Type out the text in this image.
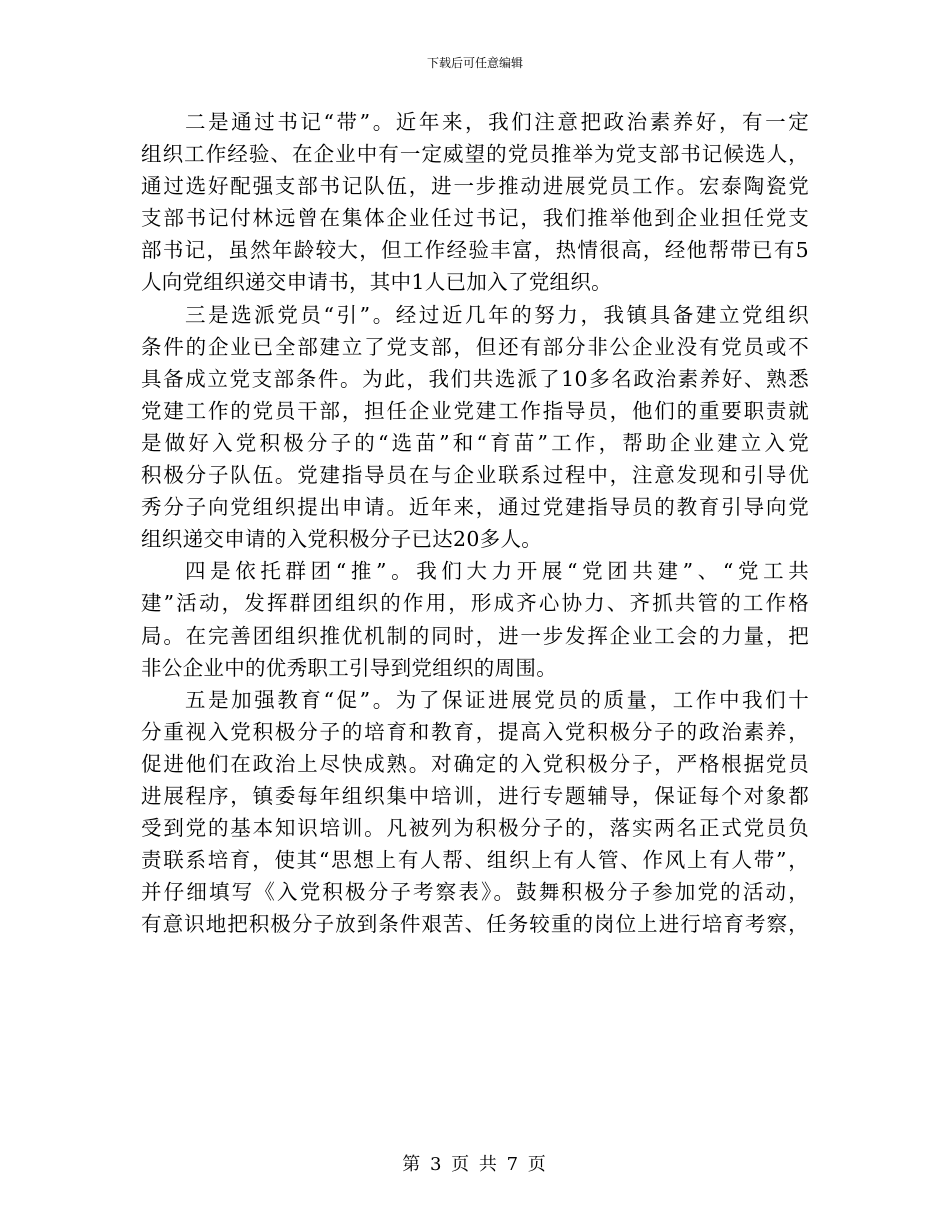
下载后可任意编辑

二是通过书记“带”。近年来，我们注意把政治素养好，有一定
组织工作经验、在企业中有一定威望的党员推举为党支部书记候选人，
通过选好配强支部书记队伍，进一步推动进展党员工作。宏泰陶瓷党
支部书记付林远曾在集体企业任过书记，我们推举他到企业担任党支
部书记，虽然年龄较大，但工作经验丰富，热情很高，经他帮带已有5
人向党组织递交申请书，其中1人已加入了党组织。

三是选派党员“引”。经过近几年的努力，我镇具备建立党组织
条件的企业已全部建立了党支部，但还有部分非公企业没有党员或不
具备成立党支部条件。为此，我们共选派了10多名政治素养好、熟悉
党建工作的党员干部，担任企业党建工作指导员，他们的重要职责就
是做好入党积极分子的“选苗”和“育苗”工作，帮助企业建立入党
积极分子队伍。党建指导员在与企业联系过程中，注意发现和引导优
秀分子向党组织提出申请。近年来，通过党建指导员的教育引导向党
组织递交申请的入党积极分子已达20多人。

四是依托群团“推”。我们大力开展“党团共建”、“党工共
建”活动，发挥群团组织的作用，形成齐心协力、齐抓共管的工作格
局。在完善团组织推优机制的同时，进一步发挥企业工会的力量，把
非公企业中的优秀职工引导到党组织的周围。

五是加强教育“促”。为了保证进展党员的质量，工作中我们十
分重视入党积极分子的培育和教育，提高入党积极分子的政治素养，
促进他们在政治上尽快成熟。对确定的入党积极分子，严格根据党员
进展程序，镇委每年组织集中培训，进行专题辅导，保证每个对象都
受到党的基本知识培训。凡被列为积极分子的，落实两名正式党员负
责联系培育，使其“思想上有人帮、组织上有人管、作风上有人带”，
并仔细填写《入党积极分子考察表》。鼓舞积极分子参加党的活动，
有意识地把积极分子放到条件艰苦、任务较重的岗位上进行培育考察，

第 3 页 共 7 页
